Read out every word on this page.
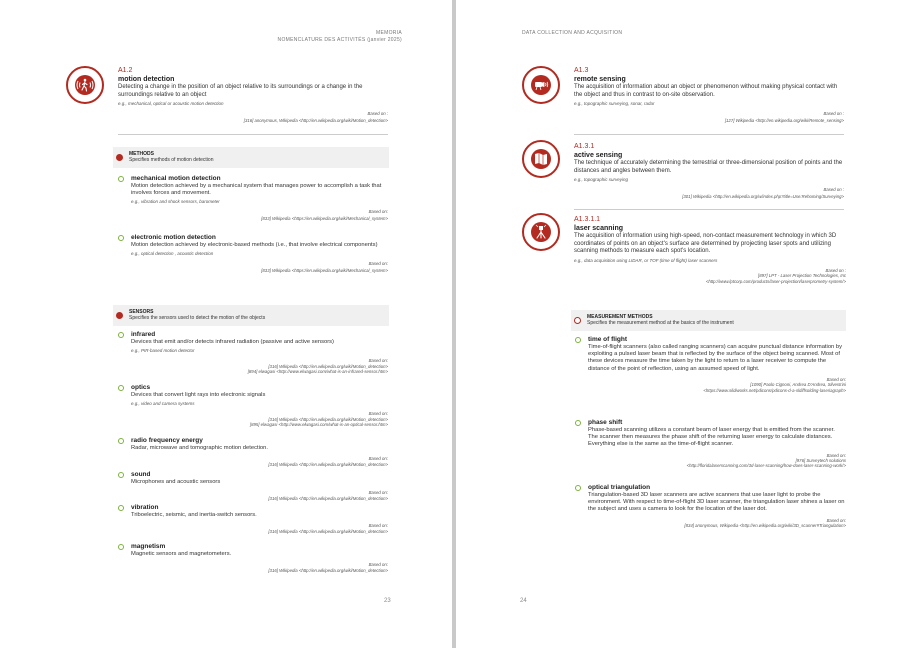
MEMORIA
NOMENCLATURE DES ACTIVITÉS (janvier 2025)
A1.2
motion detection
Detecting a change in the position of an object relative to its surroundings or a change in the surroundings relative to an object
e.g., mechanical, optical or acoustic motion detection
Based on :
[316] anonymous, Wikipedia <http://en.wikipedia.org/wiki/Motion_detection>
METHODS
Specifies methods of motion detection
mechanical motion detection
Motion detection achieved by a mechanical system that manages power to accomplish a task that involves forces and movement.
e.g., vibration and shock sensors, barometer
Based on:
[833] Wikipedia <https://en.wikipedia.org/wiki/Mechanical_system>
electronic motion detection
Motion detection achieved by electronic-based methods (i.e., that involve electrical components)
e.g., optical detection , acoustic detection
Based on:
[833] Wikipedia <https://en.wikipedia.org/wiki/Mechanical_system>
SENSORS
Specifies the sensors used to detect the motion of the objects
infrared
Devices that emit and/or detects infrared radiation (passive and active sensors)
e.g., PIR-based motion detector
Based on:
[316] Wikipedia <http://en.wikipedia.org/wiki/Motion_detection>
[894] elwagasi <http://www.elwagasi.com/what-is-an-infrared-sensor.htm>
optics
Devices that convert light rays into electronic signals
e.g., video and camera systems
Based on:
[316] Wikipedia <http://en.wikipedia.org/wiki/Motion_detection>
[895] elwagasi <http://www.elwagasi.com/what-is-an-optical-sensor.htm>
radio frequency energy
Radar, microwave and tomographic motion detection.
Based on:
[316] Wikipedia <http://en.wikipedia.org/wiki/Motion_detection>
sound
Microphones and acoustic sensors
Based on:
[316] Wikipedia <http://en.wikipedia.org/wiki/Motion_detection>
vibration
Triboelectric, seismic, and inertia-switch sensors.
Based on:
[316] Wikipedia <http://en.wikipedia.org/wiki/Motion_detection>
magnetism
Magnetic sensors and magnetometers.
Based on:
[316] Wikipedia <http://en.wikipedia.org/wiki/Motion_detection>
23
DATA COLLECTION AND ACQUISITION
A1.3
remote sensing
The acquisition of information about an object or phenomenon without making physical contact with the object and thus in contrast to on-site observation.
e.g., topographic surveying, sonar, radar
Based on :
[127] Wikipedia <http://en.wikipedia.org/wiki/Remote_sensing>
A1.3.1
active sensing
The technique of accurately determining the terrestrial or three-dimensional position of points and the distances and angles between them.
e.g., topographic surveying
Based on :
[301] Wikipedia <http://en.wikipedia.org/w/index.php?title=Use:Rehoming/Surveying>
A1.3.1.1
laser scanning
The acquisition of information using high-speed, non-contact measurement technology in which 3D coordinates of points on an object's surface are determined by projecting laser spots and utilizing scanning methods to measure each spot's location.
e.g., data acquisition using LIDAR, or TOF (time of flight) laser scanners
Based on :
[897] LPT - Laser Projection Technologies, Inc
<http://www.lptcorp.com/products/laser-projection/laserprometry-system/>
MEASUREMENT METHODS
Specifies the measurement method at the basics of the instrument
time of flight
Time-of-flight scanners (also called ranging scanners) can acquire punctual distance information by exploiting a pulsed laser beam that is reflected by the surface of the object being scanned. Most of these devices measure the time taken by the light to return to a laser receiver to compute the distance of the point of reflection, using an assumed speed of light.
Based on:
[1090] Paolo Cignoni, Andrea D'Andrea, Silvestrini
<https://www.sildiworks.net/pdicons/pdicons-d-a-sldiffsolding-laseriagraph>
phase shift
Phase-based scanning utilizes a constant beam of laser energy that is emitted from the scanner. The scanner then measures the phase shift of the returning laser energy to calculate distances. Everything else is the same as the time-of-flight scanner.
Based on:
[976] Surveytech solutions
<http://floridalaserscanning.com/3d-laser-scanning/how-does-laser-scanning-work/>
optical triangulation
Triangulation-based 3D laser scanners are active scanners that use laser light to probe the environment. With respect to time-of-flight 3D laser scanner, the triangulation laser shines a laser on the subject and uses a camera to look for the location of the laser dot.
Based on:
[834] anonymous, Wikipedia <http://en.wikipedia.org/wiki/3D_scanner#Triangulation>
24
